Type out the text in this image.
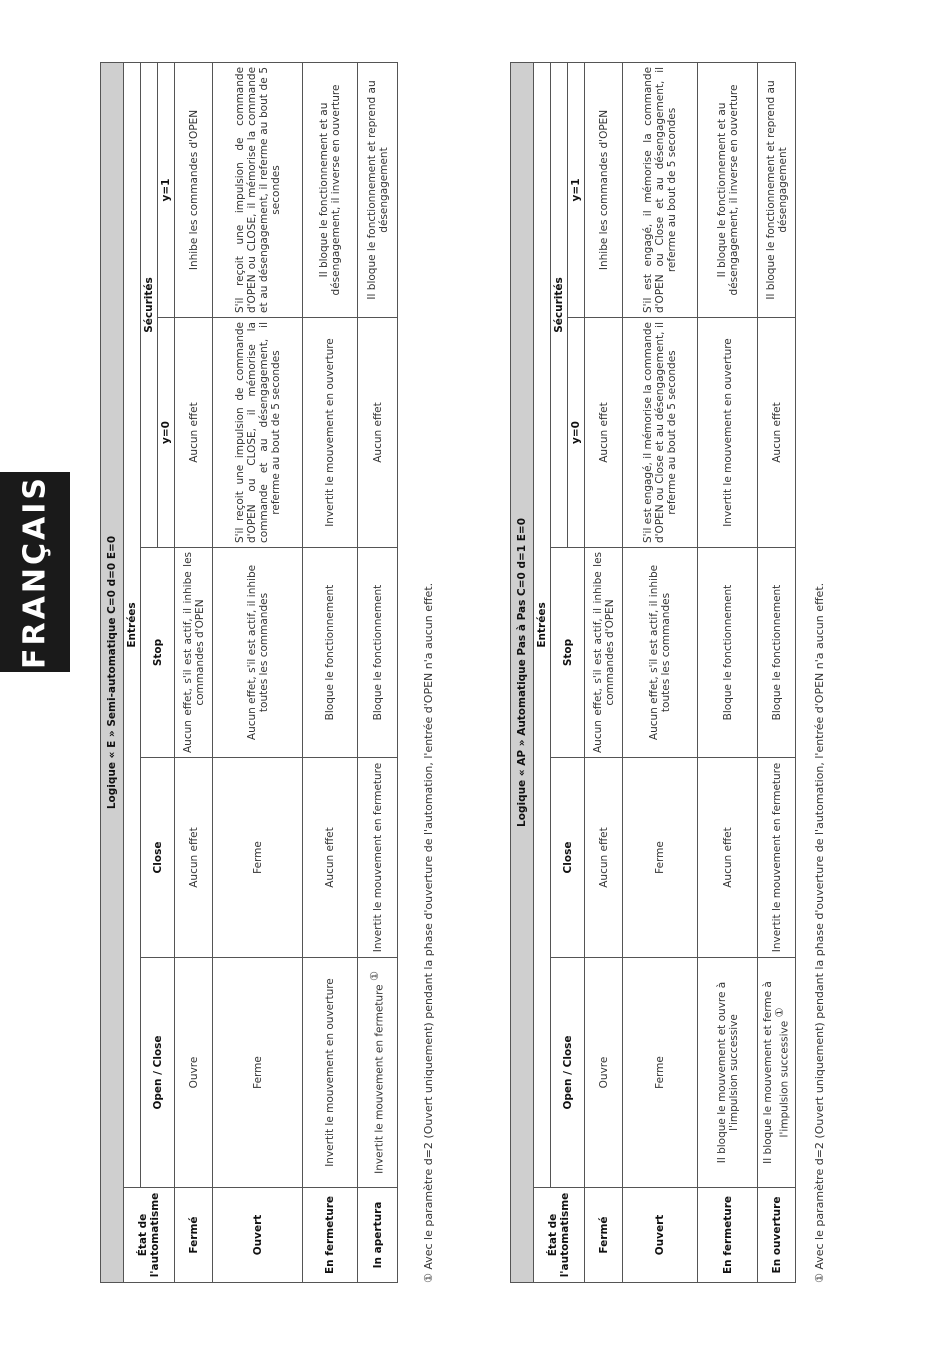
FRANÇAIS	Logique « E » Semi-automatique C=0 d=0 E=0					
État de l'automatisme	Entrées				
	Open / Close	Close	Stop	Sécurités	
				y=0	y=1
Fermé	Ouvre	Aucun effet	Aucun effet, s'il est actif, il inhibe les commandes d'OPEN	Aucun effet	Inhibe les commandes d'OPEN
Ouvert	Ferme	Ferme	Aucun effet, s'il est actif, il inhibe toutes les commandes	S'il reçoit une impulsion de commande d'OPEN ou CLOSE, il mémorise la commande et au désengagement, il referme au bout de 5 secondes	S'il reçoit une impulsion de commande d'OPEN ou CLOSE, il mémorise la commande et au désengagement, il referme au bout de 5 secondes
En fermeture	Invertit le mouvement en ouverture	Aucun effet	Bloque le fonctionnement	Invertit le mouvement en ouverture	Il bloque le fonctionnement et au désengagement, il inverse en ouverture
In apertura	Invertit le mouvement en fermeture ①	Invertit le mouvement en fermeture	Bloque le fonctionnement	Aucun effet	Il bloque le fonctionnement et reprend au désengagement
① Avec le paramètre d=2 (Ouvert uniquement) pendant la phase d'ouverture de l'automation, l'entrée d'OPEN n'a aucun effet.	Logique « AP » Automatique Pas à Pas C=0 d=1 E=0					
État de l'automatisme	Entrées				
	Open / Close	Close	Stop	Sécurités	
				y=0	y=1
Fermé	Ouvre	Aucun effet	Aucun effet, s'il est actif, il inhibe les commandes d'OPEN	Aucun effet	Inhibe les commandes d'OPEN
Ouvert	Ferme	Ferme	Aucun effet, s'il est actif, il inhibe toutes les commandes	S'il est engagé, il mémorise la commande d'OPEN ou Close et au désengagement, il referme au bout de 5 secondes	S'il est engagé, il mémorise la commande d'OPEN ou Close et au désengagement, il referme au bout de 5 secondes
En fermeture	Il bloque le mouvement et ouvre à l'impulsion successive	Aucun effet	Bloque le fonctionnement	Invertit le mouvement en ouverture	Il bloque le fonctionnement et au désengagement, il inverse en ouverture
En ouverture	Il bloque le mouvement et ferme à l'impulsion successive ①	Invertit le mouvement en fermeture	Bloque le fonctionnement	Aucun effet	Il bloque le fonctionnement et reprend au désengagement
① Avec le paramètre d=2 (Ouvert uniquement) pendant la phase d'ouverture de l'automation, l'entrée d'OPEN n'a aucun effet.
